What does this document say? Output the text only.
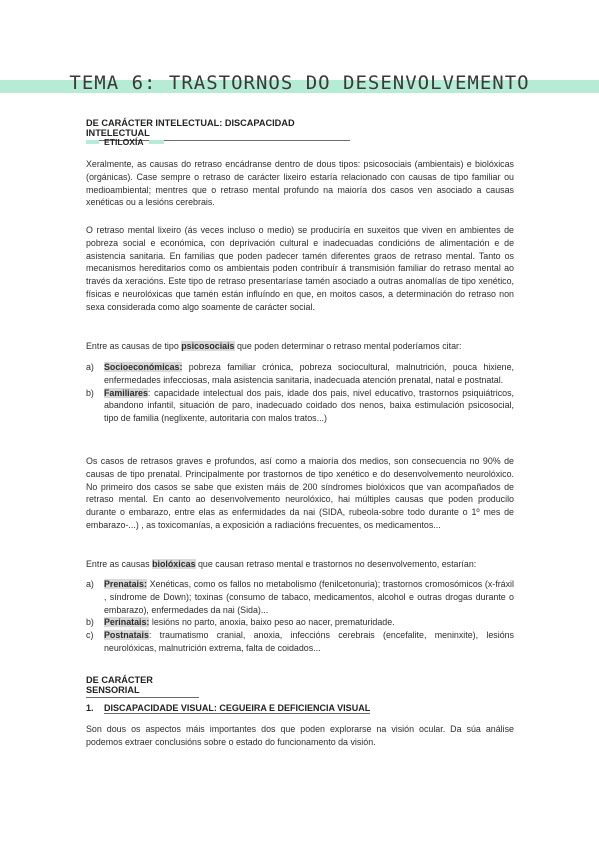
TEMA 6: TRASTORNOS DO DESENVOLVEMENTO
DE CARÁCTER INTELECTUAL: DISCAPACIDAD INTELECTUAL
ETILOXÍA

Xeralmente, as causas do retraso encádranse dentro de dous tipos: psicosociais (ambientais) e biolóxicas (orgánicas). Case sempre o retraso de carácter lixeiro estaría relacionado con causas de tipo familiar ou medioambiental; mentres que o retraso mental profundo na maioría dos casos ven asociado a causas xenéticas ou a lesións cerebrais.

O retraso mental lixeiro (ás veces incluso o medio) se produciría en suxeitos que viven en ambientes de pobreza social e económica, con deprivación cultural e inadecuadas condicións de alimentación e de asistencia sanitaria. En familias que poden padecer tamén diferentes graos de retraso mental. Tanto os mecanismos hereditarios como os ambientais poden contribuír á transmisión familiar do retraso mental ao través da xeracións. Este tipo de retraso presentaríase tamén asociado a outras anomalías de tipo xenético, físicas e neurolóxicas que tamén están influíndo en que, en moitos casos, a determinación do retraso non sexa considerada como algo soamente de carácter social.

Entre as causas de tipo psicosociais que poden determinar o retraso mental poderíamos citar:

a) Socioeconómicas: pobreza familiar crónica, pobreza sociocultural, malnutrición, pouca hixiene, enfermedades infecciosas, mala asistencia sanitaria, inadecuada atención prenatal, natal e postnatal.
b) Familiares: capacidade intelectual dos pais, idade dos pais, nivel educativo, trastornos psiquiátricos, abandono infantil, situación de paro, inadecuado coidado dos nenos, baixa estimulación psicosocial, tipo de familia (neglixente, autoritaria con malos tratos...)

Os casos de retrasos graves e profundos, así como a maioría dos medios, son consecuencia no 90% de causas de tipo prenatal. Principalmente por trastornos de tipo xenético e do desenvolvemento neurolóxico. No primeiro dos casos se sabe que existen máis de 200 síndromes biolóxicos que van acompañados de retraso mental. En canto ao desenvolvemento neurolóxico, hai múltiples causas que poden producilo durante o embarazo, entre elas as enfermidades da nai (SIDA, rubeola-sobre todo durante o 1º mes de embarazo-...) , as toxicomanías, a exposición a radiacións frecuentes, os medicamentos...

Entre as causas biolóxicas que causan retraso mental e trastornos no desenvolvemento, estarían:

a) Prenatais: Xenéticas, como os fallos no metabolismo (fenilcetonuria); trastornos cromosómicos (x-fráxil , síndrome de Down); toxinas (consumo de tabaco, medicamentos, alcohol e outras drogas durante o embarazo), enfermedades da nai (Sida)...
b) Perinatais: lesións no parto, anoxia, baixo peso ao nacer, prematuridade.
c) Postnatais: traumatismo cranial, anoxia, infeccións cerebrais (encefalite, meninxite), lesións neurolóxicas, malnutrición extrema, falta de coidados...
DE CARÁCTER SENSORIAL
1. DISCAPACIDADE VISUAL: CEGUEIRA E DEFICIENCIA VISUAL

Son dous os aspectos máis importantes dos que poden explorarse na visión ocular. Da súa análise podemos extraer conclusións sobre o estado do funcionamento da visión.
